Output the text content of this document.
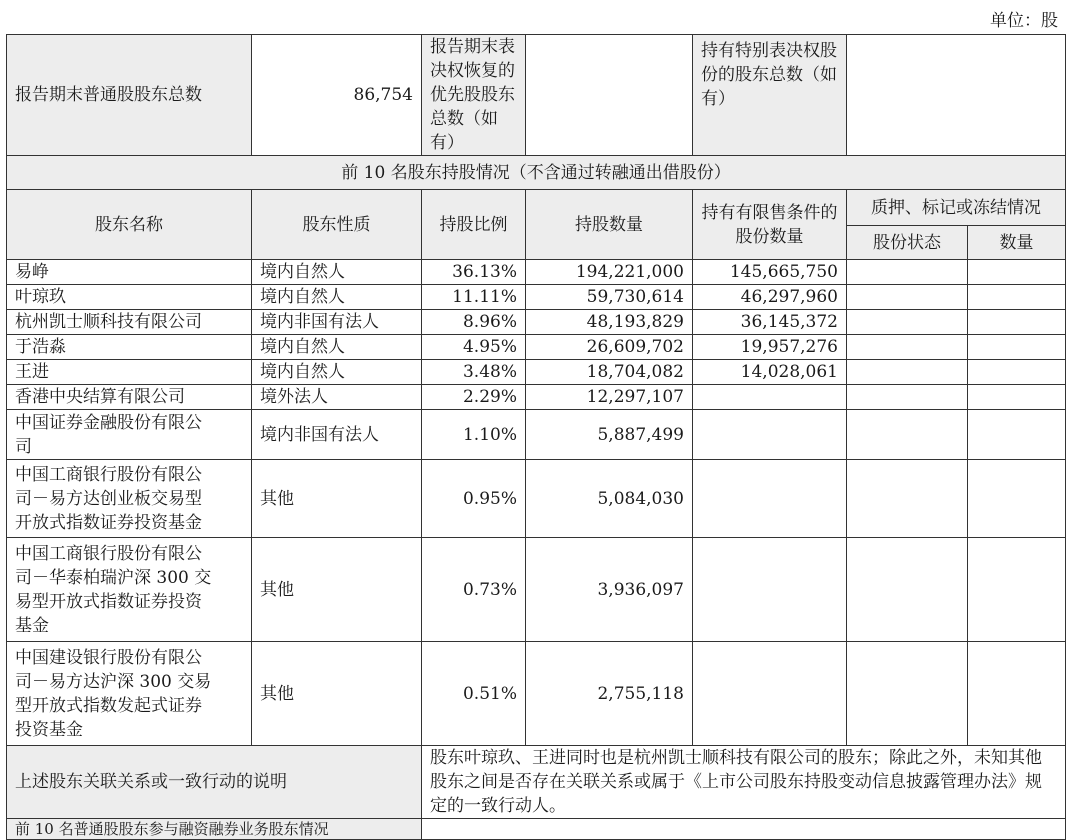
单位：股
报告期末普通股股东总数	86,754	报告期末表决权恢复的优先股股东总数（如有）		持有特别表决权股份的股东总数（如有）		
前 10 名股东持股情况（不含通过转融通出借股份）						
股东名称	股东性质	持股比例	持股数量	持有有限售条件的股份数量	质押、标记或冻结情况	
					股份状态	数量
易峥	境内自然人	36.13%	194,221,000	145,665,750		
叶琼玖	境内自然人	11.11%	59,730,614	46,297,960		
杭州凯士顺科技有限公司	境内非国有法人	8.96%	48,193,829	36,145,372		
于浩淼	境内自然人	4.95%	26,609,702	19,957,276		
王进	境内自然人	3.48%	18,704,082	14,028,061		
香港中央结算有限公司	境外法人	2.29%	12,297,107			
中国证券金融股份有限公
司	境内非国有法人	1.10%	5,887,499			
中国工商银行股份有限公
司－易方达创业板交易型
开放式指数证券投资基金	其他	0.95%	5,084,030			
中国工商银行股份有限公
司－华泰柏瑞沪深 300 交
易型开放式指数证券投资
基金	其他	0.73%	3,936,097			
中国建设银行股份有限公
司－易方达沪深 300 交易
型开放式指数发起式证券
投资基金	其他	0.51%	2,755,118			
上述股东关联关系或一致行动的说明		股东叶琼玖、王进同时也是杭州凯士顺科技有限公司的股东；除此之外，未知其他股东之间是否存在关联关系或属于《上市公司股东持股变动信息披露管理办法》规定的一致行动人。				
前 10 名普通股股东参与融资融券业务股东情况						
